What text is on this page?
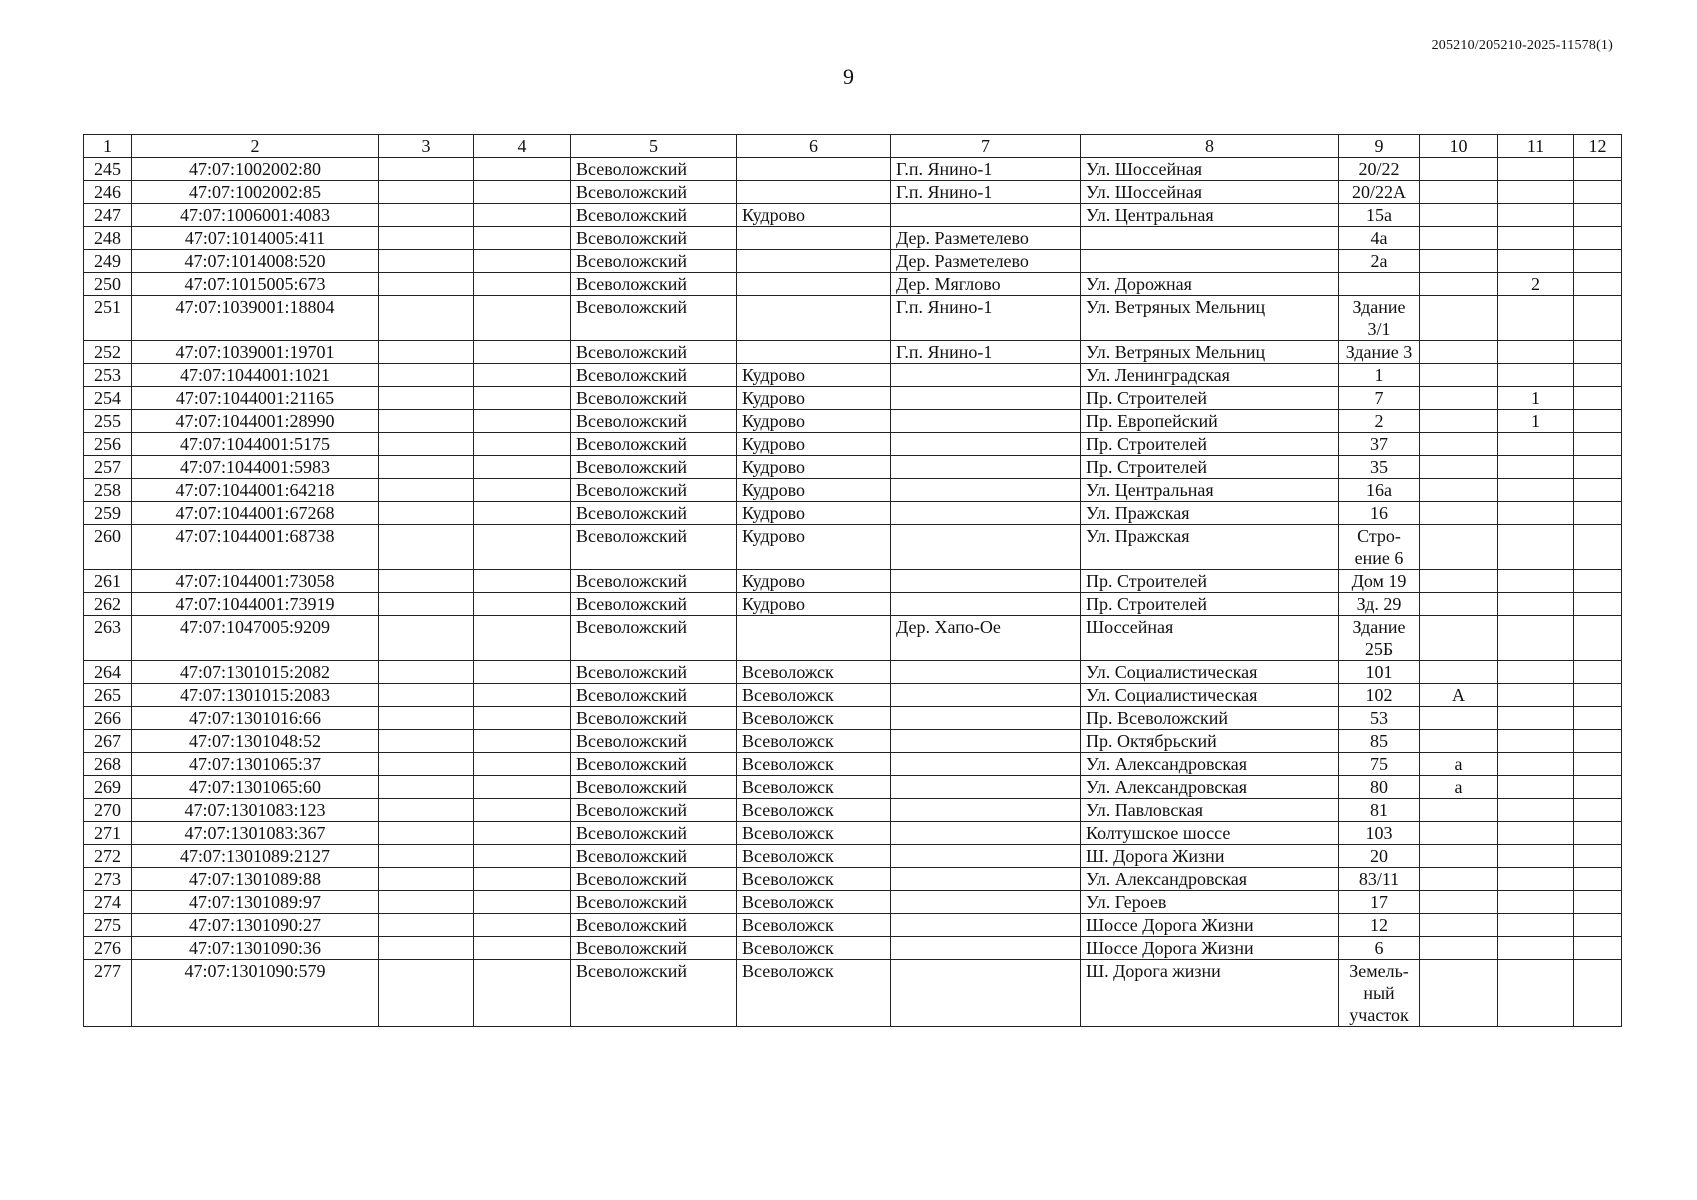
205210/205210-2025-11578(1)
9
1	2	3	4	5	6	7	8	9	10	11	12
245	47:07:1002002:80			Всеволожский		Г.п. Янино-1	Ул. Шоссейная	20/22			
246	47:07:1002002:85			Всеволожский		Г.п. Янино-1	Ул. Шоссейная	20/22А			
247	47:07:1006001:4083			Всеволожский	Кудрово		Ул. Центральная	15а			
248	47:07:1014005:411			Всеволожский		Дер. Разметелево		4а			
249	47:07:1014008:520			Всеволожский		Дер. Разметелево		2а			
250	47:07:1015005:673			Всеволожский		Дер. Мяглово	Ул. Дорожная			2	
251	47:07:1039001:18804			Всеволожский		Г.п. Янино-1	Ул. Ветряных Мельниц	Здание 3/1			
252	47:07:1039001:19701			Всеволожский		Г.п. Янино-1	Ул. Ветряных Мельниц	Здание 3			
253	47:07:1044001:1021			Всеволожский	Кудрово		Ул. Ленинградская	1			
254	47:07:1044001:21165			Всеволожский	Кудрово		Пр. Строителей	7		1	
255	47:07:1044001:28990			Всеволожский	Кудрово		Пр. Европейский	2		1	
256	47:07:1044001:5175			Всеволожский	Кудрово		Пр. Строителей	37			
257	47:07:1044001:5983			Всеволожский	Кудрово		Пр. Строителей	35			
258	47:07:1044001:64218			Всеволожский	Кудрово		Ул. Центральная	16а			
259	47:07:1044001:67268			Всеволожский	Кудрово		Ул. Пражская	16			
260	47:07:1044001:68738			Всеволожский	Кудрово		Ул. Пражская	Стро-ение 6			
261	47:07:1044001:73058			Всеволожский	Кудрово		Пр. Строителей	Дом 19			
262	47:07:1044001:73919			Всеволожский	Кудрово		Пр. Строителей	Зд. 29			
263	47:07:1047005:9209			Всеволожский		Дер. Хапо-Ое	Шоссейная	Здание 25Б			
264	47:07:1301015:2082			Всеволожский	Всеволожск		Ул. Социалистическая	101			
265	47:07:1301015:2083			Всеволожский	Всеволожск		Ул. Социалистическая	102	А		
266	47:07:1301016:66			Всеволожский	Всеволожск		Пр. Всеволожский	53			
267	47:07:1301048:52			Всеволожский	Всеволожск		Пр. Октябрьский	85			
268	47:07:1301065:37			Всеволожский	Всеволожск		Ул. Александровская	75	а		
269	47:07:1301065:60			Всеволожский	Всеволожск		Ул. Александровская	80	а		
270	47:07:1301083:123			Всеволожский	Всеволожск		Ул. Павловская	81			
271	47:07:1301083:367			Всеволожский	Всеволожск		Колтушское шоссе	103			
272	47:07:1301089:2127			Всеволожский	Всеволожск		Ш. Дорога Жизни	20			
273	47:07:1301089:88			Всеволожский	Всеволожск		Ул. Александровская	83/11			
274	47:07:1301089:97			Всеволожский	Всеволожск		Ул. Героев	17			
275	47:07:1301090:27			Всеволожский	Всеволожск		Шоссе Дорога Жизни	12			
276	47:07:1301090:36			Всеволожский	Всеволожск		Шоссе Дорога Жизни	6			
277	47:07:1301090:579			Всеволожский	Всеволожск		Ш. Дорога жизни	Земель-ный участок			
